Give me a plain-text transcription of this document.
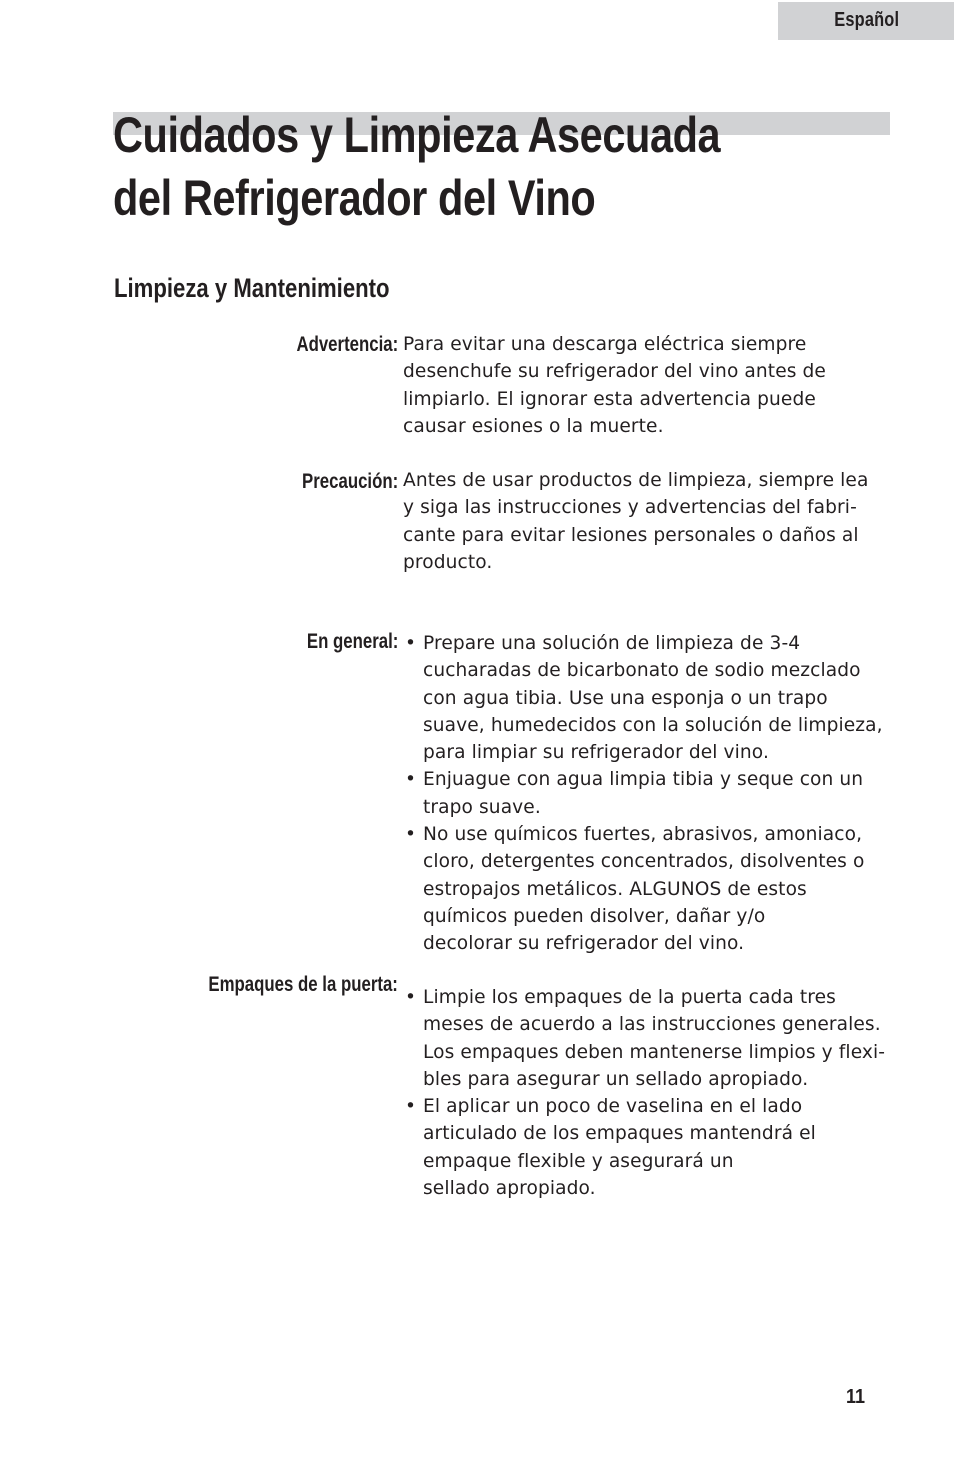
Español
Cuidados y Limpieza Asecuada
del Refrigerador del Vino
Limpieza y Mantenimiento
Advertencia: Para evitar una descarga eléctrica siempre

desenchufe su refrigerador del vino antes de

limpiarlo. El ignorar esta advertencia puede

causar esiones o la muerte.

Precaución: Antes de usar productos de limpieza, siempre lea

y siga las instrucciones y advertencias del fabri-

cante para evitar lesiones personales o daños al

producto.

En general:
• Prepare una solución de limpieza de 3-4
cucharadas de bicarbonato de sodio mezclado
con agua tibia. Use una esponja o un trapo
suave, humedecidos con la solución de limpieza,
para limpiar su refrigerador del vino.
• Enjuague con agua limpia tibia y seque con un
trapo suave.
• No use químicos fuertes, abrasivos, amoniaco,
cloro, detergentes concentrados, disolventes o
estropajos metálicos. ALGUNOS de estos
químicos pueden disolver, dañar y/o
decolorar su refrigerador del vino.
Empaques de la puerta:
• Limpie los empaques de la puerta cada tres
meses de acuerdo a las instrucciones generales.
Los empaques deben mantenerse limpios y flexi-
bles para asegurar un sellado apropiado.
• El aplicar un poco de vaselina en el lado
articulado de los empaques mantendrá el
empaque flexible y asegurará un
sellado apropiado.
11
